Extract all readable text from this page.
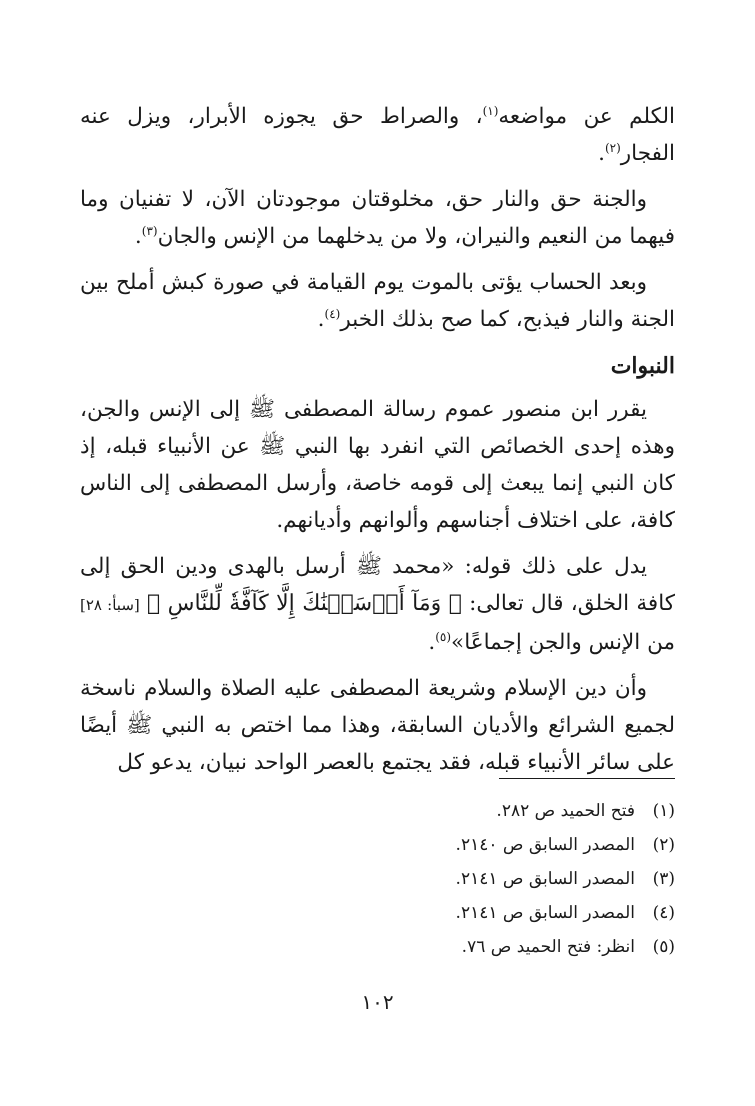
الكلم عن مواضعه$^{(١)}$، والصراط حق يجوزه الأبرار، ويزل عنه الفجار$^{(٢)}$.

والجنة حق والنار حق، مخلوقتان موجودتان الآن، لا تفنيان وما فيهما من النعيم والنيران، ولا من يدخلهما من الإنس والجان$^{(٣)}$.

وبعد الحساب يؤتى بالموت يوم القيامة في صورة كبش أملح بين الجنة والنار فيذبح، كما صح بذلك الخبر$^{(٤)}$.

النبوات

يقرر ابن منصور عموم رسالة المصطفى ﷺ إلى الإنس والجن، وهذه إحدى الخصائص التي انفرد بها النبي ﷺ عن الأنبياء قبله، إذ كان النبي إنما يبعث إلى قومه خاصة، وأرسل المصطفى إلى الناس كافة، على اختلاف أجناسهم وألوانهم وأديانهم.

يدل على ذلك قوله: «محمد ﷺ أرسل بالهدى ودين الحق إلى كافة الخلق، قال تعالى: ﴿ وَمَآ أَرۡسَلۡنَٰكَ إِلَّا كَآفَّةٗ لِّلنَّاسِ ﴾ [سبأ: ٢٨] من الإنس والجن إجماعًا»$^{(٥)}$.

وأن دين الإسلام وشريعة المصطفى عليه الصلاة والسلام ناسخة لجميع الشرائع والأديان السابقة، وهذا مما اختص به النبي ﷺ أيضًا على سائر الأنبياء قبله، فقد يجتمع بالعصر الواحد نبيان، يدعو كل

(١)فتح الحميد ص ٢٨٢.
(٢)المصدر السابق ص ٢١٤٠.
(٣)المصدر السابق ص ٢١٤١.
(٤)المصدر السابق ص ٢١٤١.
(٥)انظر: فتح الحميد ص ٧٦.
١٠٢
